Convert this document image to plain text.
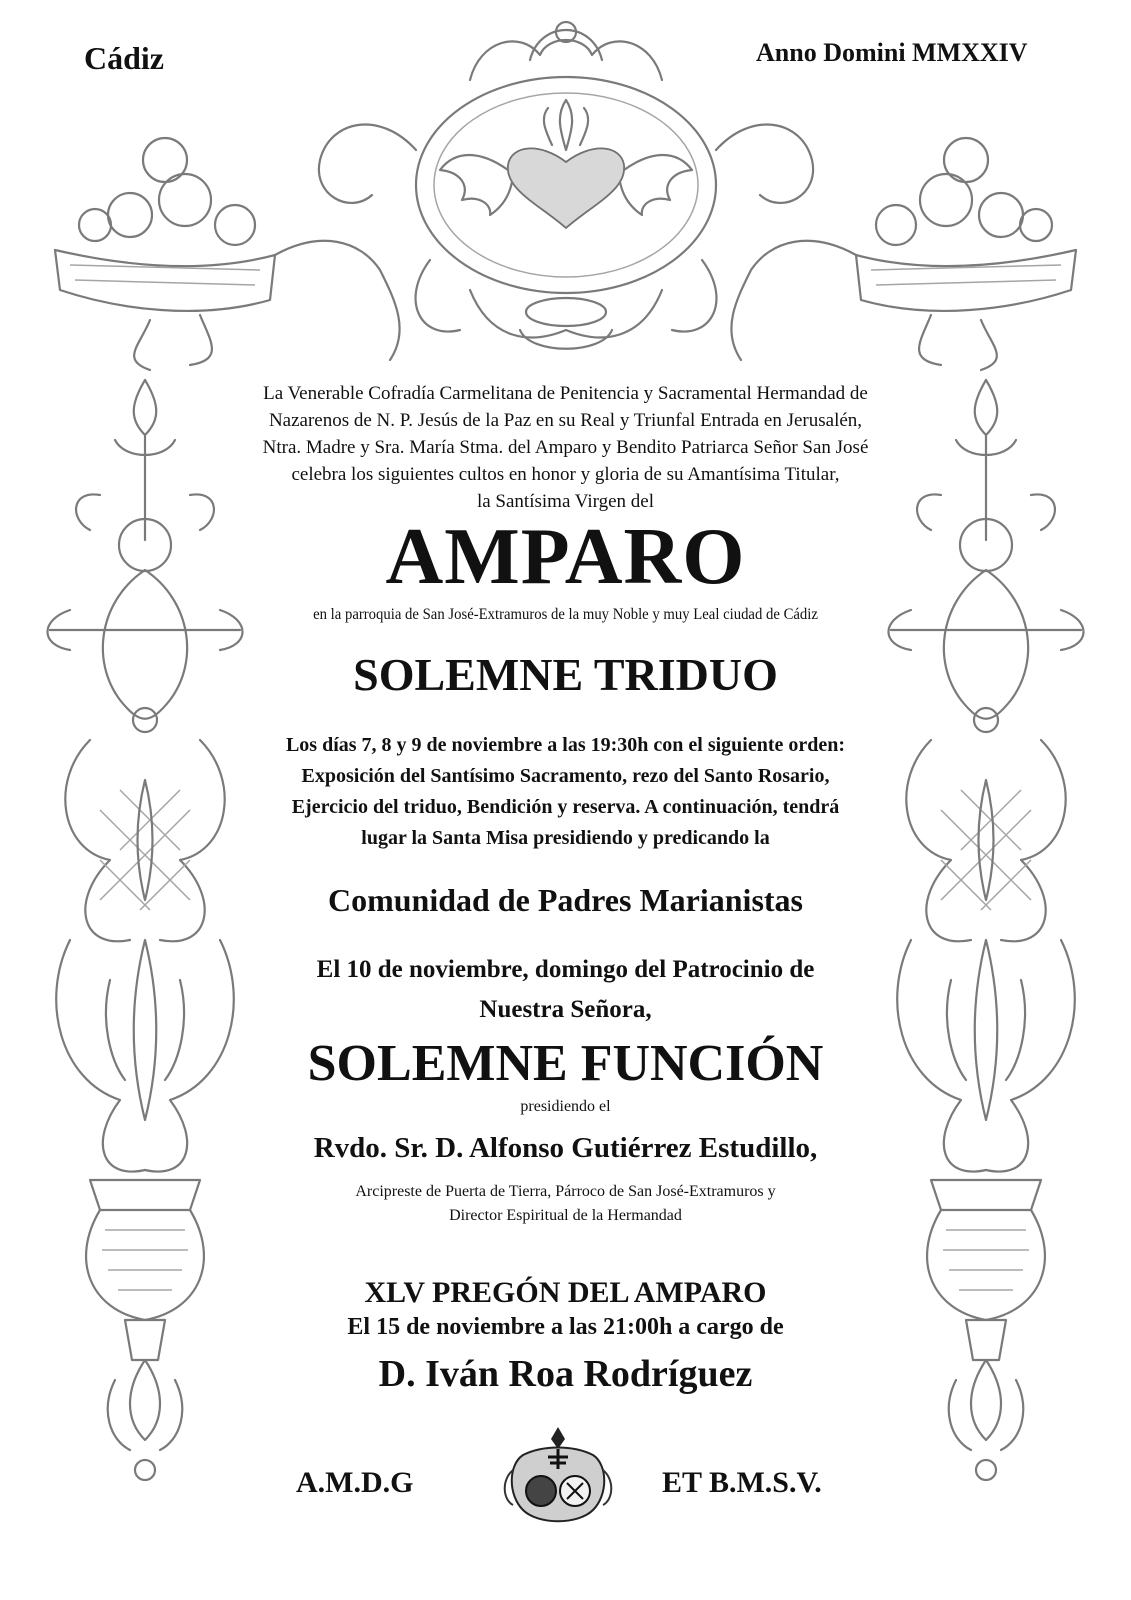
Cádiz	Anno Domini MMXXIV
La Venerable Cofradía Carmelitana de Penitencia y Sacramental Hermandad de
Nazarenos de N. P. Jesús de la Paz en su Real y Triunfal Entrada en Jerusalén,
Ntra. Madre y Sra. María Stma. del Amparo y Bendito Patriarca Señor San José
celebra los siguientes cultos en honor y gloria de su Amantísima Titular,
la Santísima Virgen del
AMPARO
en la parroquia de San José-Extramuros de la muy Noble y muy Leal ciudad de Cádiz
SOLEMNE TRIDUO
Los días 7, 8 y 9 de noviembre a las 19:30h con el siguiente orden:
Exposición del Santísimo Sacramento, rezo del Santo Rosario,
Ejercicio del triduo, Bendición y reserva. A continuación, tendrá
lugar la Santa Misa presidiendo y predicando la
Comunidad de Padres Marianistas
El 10 de noviembre, domingo del Patrocinio de
Nuestra Señora,
SOLEMNE FUNCIÓN
presidiendo el
Rvdo. Sr. D. Alfonso Gutiérrez Estudillo,
Arcipreste de Puerta de Tierra, Párroco de San José-Extramuros y
Director Espiritual de la Hermandad
XLV PREGÓN DEL AMPARO
El 15 de noviembre a las 21:00h a cargo de
D. Iván Roa Rodríguez
A.M.D.G	ET B.M.S.V.
